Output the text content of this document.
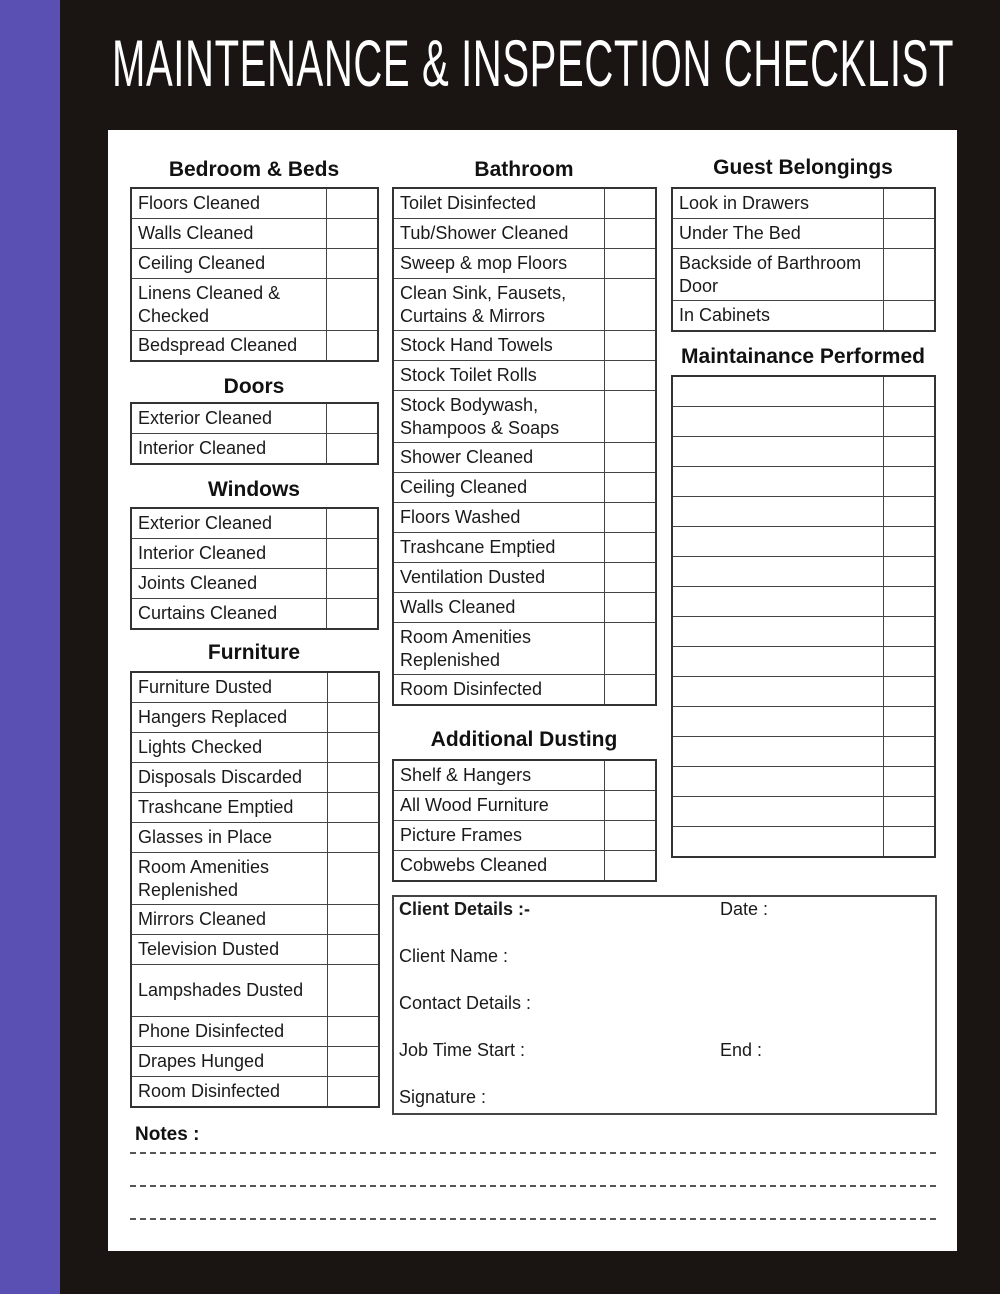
MAINTENANCE & INSPECTION CHECKLIST
Bedroom & Beds
Floors Cleaned	
Walls Cleaned	
Ceiling Cleaned	
Linens Cleaned & Checked	
Bedspread Cleaned	
Doors
Exterior Cleaned	
Interior Cleaned	
Windows
Exterior Cleaned	
Interior Cleaned	
Joints Cleaned	
Curtains Cleaned	
Furniture
Furniture Dusted	
Hangers Replaced	
Lights Checked	
Disposals Discarded	
Trashcane Emptied	
Glasses in Place	
Room Amenities Replenished	
Mirrors Cleaned	
Television Dusted	
Lampshades Dusted	
Phone Disinfected	
Drapes Hunged	
Room Disinfected	
Bathroom
Toilet Disinfected	
Tub/Shower Cleaned	
Sweep & mop Floors	
Clean Sink, Fausets, Curtains & Mirrors	
Stock Hand Towels	
Stock Toilet Rolls	
Stock Bodywash, Shampoos & Soaps	
Shower Cleaned	
Ceiling Cleaned	
Floors Washed	
Trashcane Emptied	
Ventilation Dusted	
Walls Cleaned	
Room Amenities Replenished	
Room Disinfected	
Additional Dusting
Shelf & Hangers	
All Wood Furniture	
Picture Frames	
Cobwebs Cleaned	
Guest Belongings
Look in Drawers	
Under The Bed	
Backside of Barthroom Door	
In Cabinets	
Maintainance Performed

Client Details :-	Date :
Client Name :
Contact Details :
Job Time Start :	End :
Signature :
Notes :
